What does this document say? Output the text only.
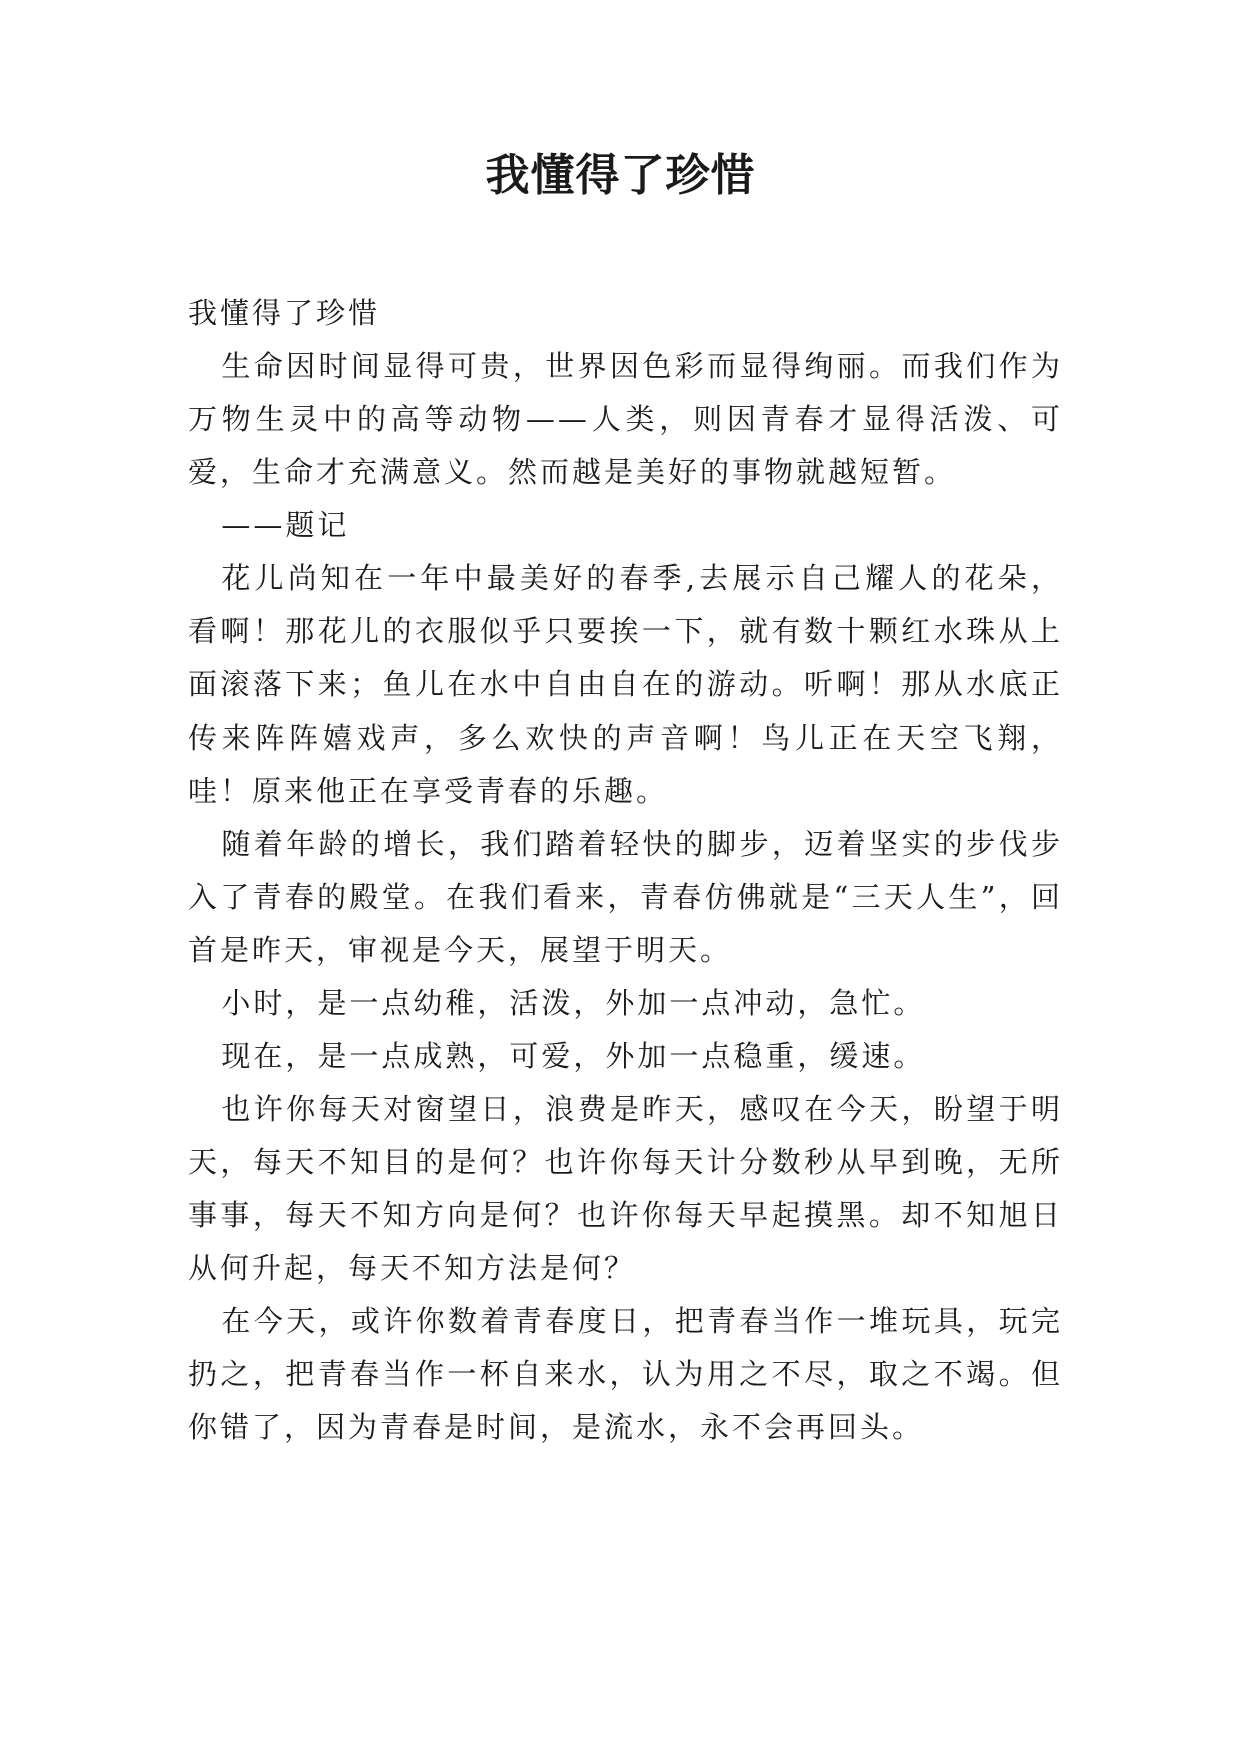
我懂得了珍惜

我懂得了珍惜

生命因时间显得可贵，世界因色彩而显得绚丽。而我们作为万物生灵中的高等动物——人类，则因青春才显得活泼、可爱，生命才充满意义。然而越是美好的事物就越短暂。

——题记

花儿尚知在一年中最美好的春季,去展示自己耀人的花朵，看啊！那花儿的衣服似乎只要挨一下，就有数十颗红水珠从上面滚落下来；鱼儿在水中自由自在的游动。听啊！那从水底正传来阵阵嬉戏声，多么欢快的声音啊！鸟儿正在天空飞翔，哇！原来他正在享受青春的乐趣。

随着年龄的增长，我们踏着轻快的脚步，迈着坚实的步伐步入了青春的殿堂。在我们看来，青春仿佛就是“三天人生”，回首是昨天，审视是今天，展望于明天。

小时，是一点幼稚，活泼，外加一点冲动，急忙。

现在，是一点成熟，可爱，外加一点稳重，缓速。

也许你每天对窗望日，浪费是昨天，感叹在今天，盼望于明天，每天不知目的是何？也许你每天计分数秒从早到晚，无所事事，每天不知方向是何？也许你每天早起摸黑。却不知旭日从何升起，每天不知方法是何？

在今天，或许你数着青春度日，把青春当作一堆玩具，玩完扔之，把青春当作一杯自来水，认为用之不尽，取之不竭。但你错了，因为青春是时间，是流水，永不会再回头。
